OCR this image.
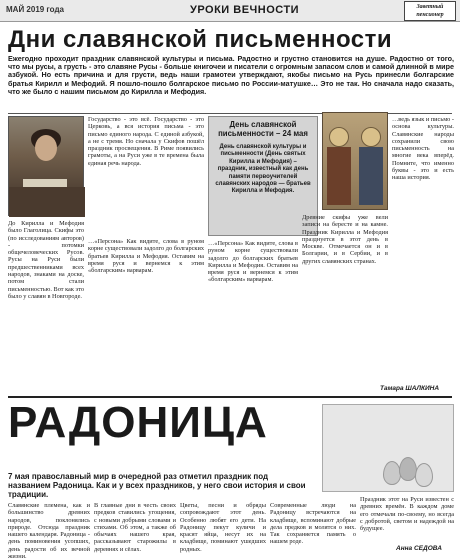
МАЙ 2019 года	УРОКИ ВЕЧНОСТИ	Заветный пенсионер
Дни славянской письменности
Ежегодно проходит праздник славянской культуры и письма. Радостно и грустно становится на душе. Радостно от того, что мы русы, а грусть - это славяне Русы - больше книгочеи и писатели с огромным запасом слов и самой длинной в мире азбукой. Но есть причина и для грусти, ведь наши грамотеи утверждают, якобы письмо на Русь принесли болгарские братья Кирилл и Мефодий. Я пошло-пошло болгарское письмо по России-матушке… Это не так. Но сначала надо сказать, что же было с нашим письмом до Кирилла и Мефодия.
До Кирилла и Мефодия было Глаголица. Скифы это (по исследованиям авторов) - потомки общечеловеческих Русов. Русы на Руси были предшественниками всех народов, знаками на доске, потом стали письменностью. Вот как это было у славян в Новгороде.
Государство - это всё. Государство - это Церковь, а вся история письма - это письмо единого народа. С единой азбукой, а не с тремя. Но сначала у Скифов пошёл праздник просвещения. В Риме появились грамоты, а на Руси уже в те времена была единая речь народа.
День славянской письменности – 24 мая
День славянской культуры и письменности (День святых Кирилла и Мефодия) – праздник, известный как день памяти первоучителей славянских народов — братьев Кирилла и Мефодия.
…ведь язык и письмо - основа культуры. Славянские народы сохранили свою письменность на многие века вперёд. Помните, что именно буквы - это и есть наша история.
…«Персона» Как видите, слова в руном корне существовали задолго до болгарских братьев Кирилла и Мефодия. Оставим на время руся и вернемся к этим «болгарским» варварам.
…«Персона» Как видите, слова в руном корне существовали задолго до болгарских братьев Кирилла и Мефодия. Оставим на время руся и вернемся к этим «болгарским» варварам.
Древние скифы уже вели записи на бересте и на камне. Праздник Кирилла и Мефодия празднуется в этот день в Москве. Отмечается он и в Болгарии, и в Сербии, и в других славянских странах.
Тамара ШАЛКИНА
РАДОНИЦА
7 мая православный мир в очередной раз отметил праздник под названием Радоница. Как и у всех праздников, у него свои история и свои традиции.
Славянские племена, как и большинство древних народов, поклонялись природе. Отсюда праздник нашего календаря. Радоница - день поминовения усопших, день радости об их вечной жизни.
В главные дни в честь своих предков ставились угощения, с новыми добрыми словами и стихами. Об этом, а также об обычаях нашего края, рассказывают старожилы в деревнях и сёлах.
Цветы, песни и обряды сопровождают этот день. Особенно любят его дети. На Радоницу пекут куличи и красят яйца, несут их на кладбище, поминают ушедших родных.
Современные люди на Радоницу встречаются на кладбище, вспоминают добрые дела предков и молятся о них. Так сохраняется память о нашем роде.
Праздник этот на Руси известен с древних времён. В каждом доме его отмечали по-своему, но всегда с добротой, светом и надеждой на будущее.
Анна СЕДОВА
